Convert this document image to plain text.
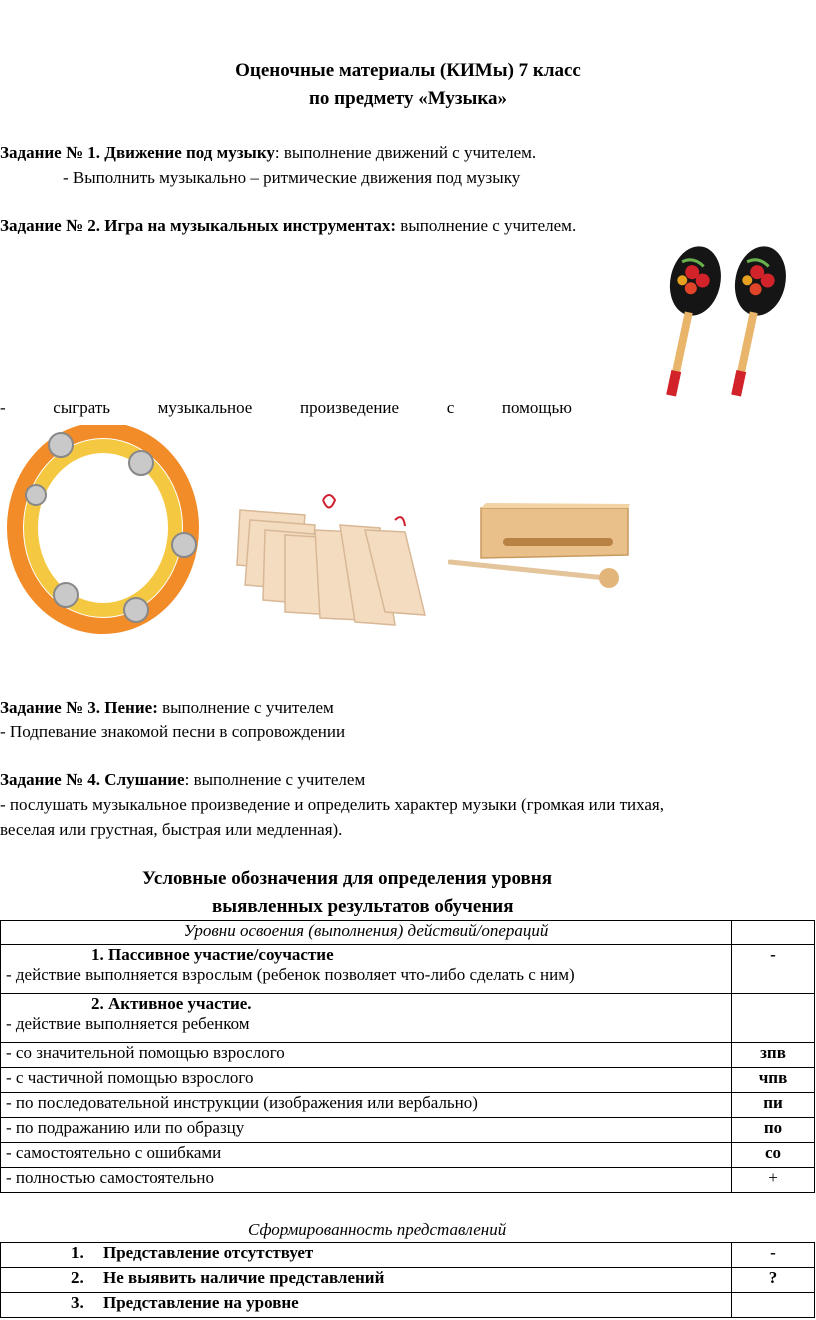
Оценочные материалы (КИМы) 7 класс
по предмету «Музыка»
Задание № 1. Движение под музыку: выполнение движений с учителем.
- Выполнить музыкально – ритмические движения под музыку
Задание № 2. Игра на музыкальных инструментах: выполнение с учителем.
-	сыграть	музыкальное	произведение	с	помощью
Задание № 3. Пение: выполнение с учителем
- Подпевание знакомой песни в сопровождении
Задание № 4. Слушание: выполнение с учителем
- послушать музыкальное произведение и определить характер музыки (громкая или тихая,
веселая или грустная, быстрая или медленная).
Условные обозначения для определения уровня
выявленных результатов обучения
Уровни освоения (выполнения) действий/операций	

1. Пассивное участие/соучастие
- действие выполняется взрослым (ребенок позволяет что-либо сделать с ним)	-

2. Активное участие.
- действие выполняется ребенком	

- со значительной помощью взрослого	зпв
- с частичной помощью взрослого	чпв
- по последовательной инструкции (изображения или вербально)	пи
- по подражанию или по образцу	по
- самостоятельно с ошибками	со
- полностью самостоятельно	+
Сформированность представлений
1. Представление отсутствует	-
2. Не выявить наличие представлений	?
3. Представление на уровне	
